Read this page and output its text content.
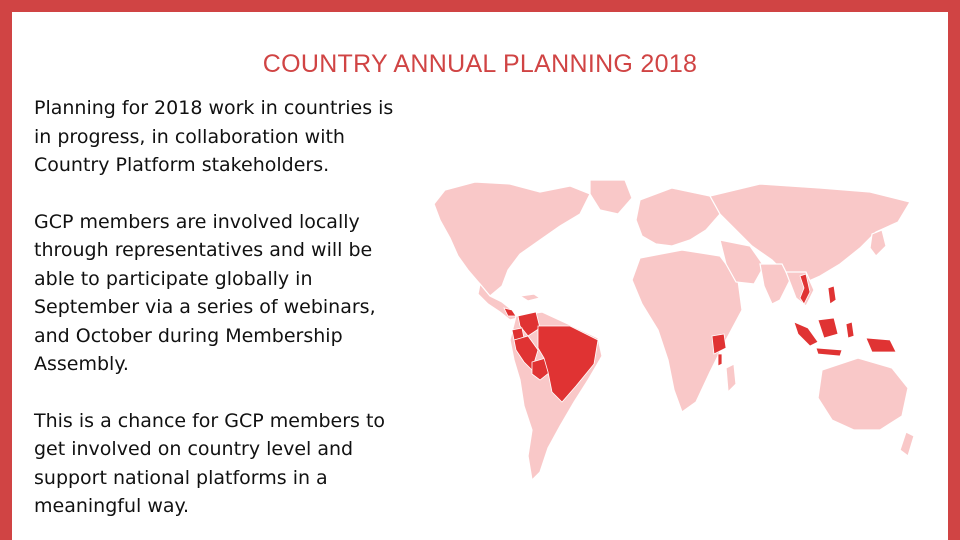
COUNTRY ANNUAL PLANNING 2018

Planning for 2018 work in countries is in progress, in collaboration with Country Platform stakeholders.

GCP members are involved locally through representatives and will be able to participate globally in September via a series of webinars, and October during Membership Assembly.

This is a chance for GCP members to get involved on country level and support national platforms in a meaningful way.
